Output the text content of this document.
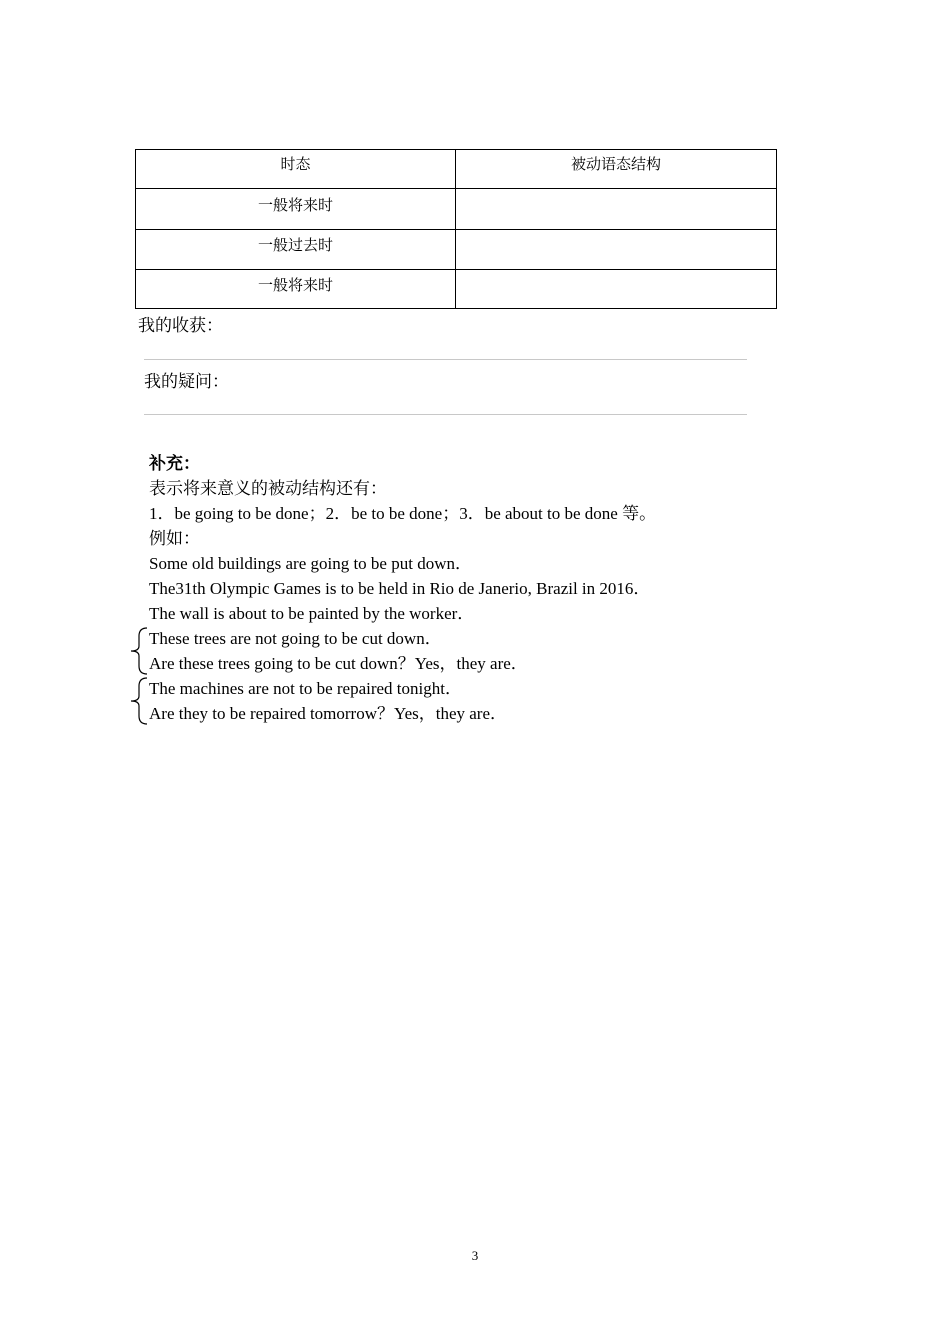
时态	被动语态结构
一般将来时	
一般过去时	
一般将来时	
我的收获：
我的疑问：
补充：
表示将来意义的被动结构还有：
1．be going to be done；2．be to be done；3．be about to be done 等。
例如：
Some old buildings are going to be put down．
The31th Olympic Games is to be held in Rio de Janerio, Brazil in 2016．
The wall is about to be painted by the worker．
These trees are not going to be cut down．
Are these trees going to be cut down？Yes，they are．
The machines are not to be repaired tonight．
Are they to be repaired tomorrow？Yes，they are．
3
